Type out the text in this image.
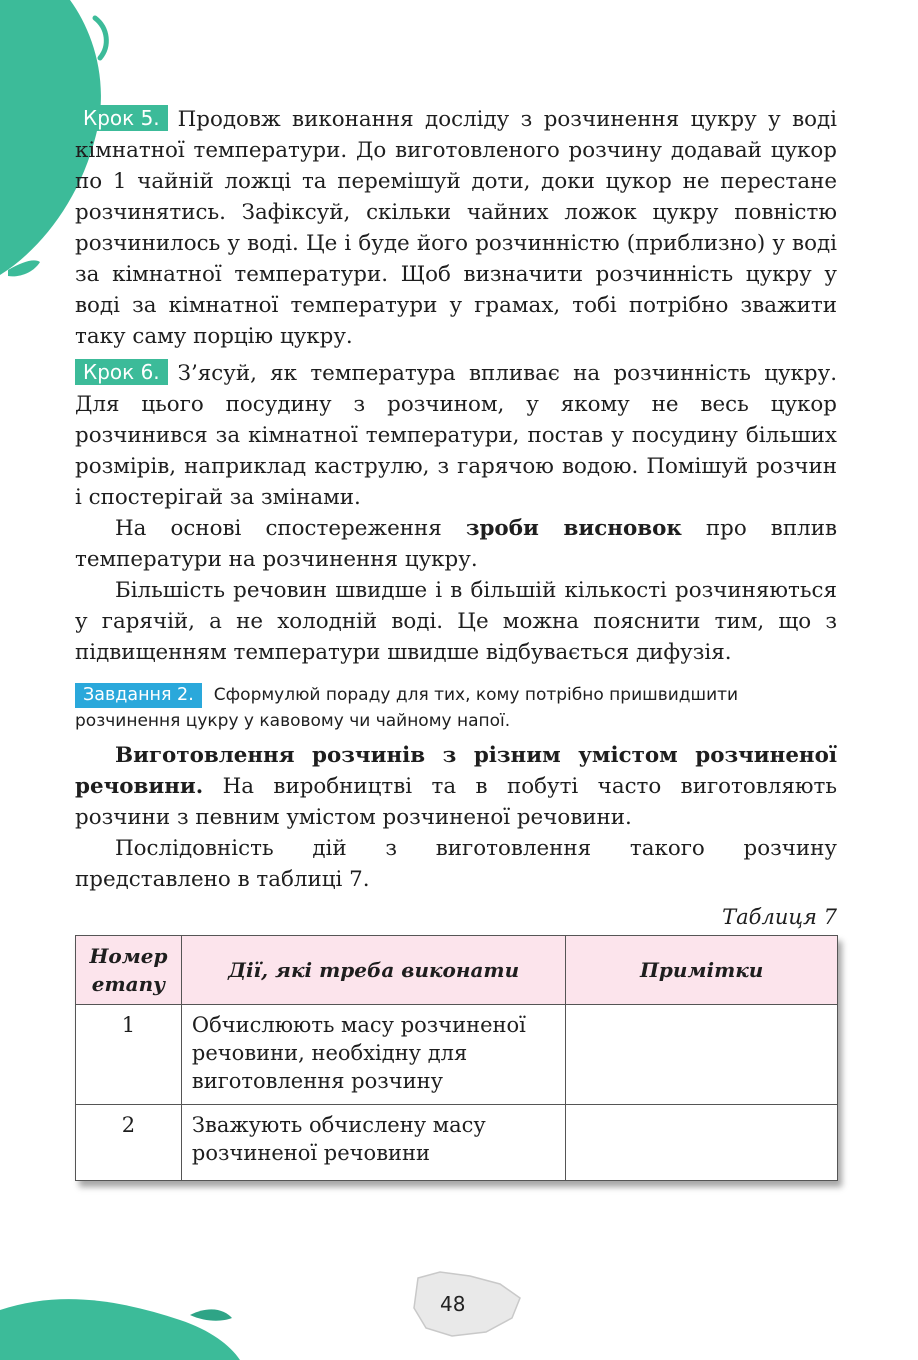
Крок 5. Продовж виконання досліду з розчинення цукру у воді кімнатної температури. До виготовленого розчину додавай цукор по 1 чайній ложці та перемішуй доти, доки цукор не перестане розчинятись. Зафіксуй, скільки чайних ложок цукру повністю розчинилось у воді. Це і буде його розчинністю (приблизно) у воді за кімнатної температури. Щоб визначити розчинність цукру у воді за кімнатної температури у грамах, тобі потрібно зважити таку саму порцію цукру.

Крок 6. З’ясуй, як температура впливає на розчинність цукру. Для цього посудину з розчином, у якому не весь цукор розчинився за кімнатної температури, постав у посудину більших розмірів, наприклад каструлю, з гарячою водою. Помішуй розчин і спостерігай за змінами.

На основі спостереження зроби висновок про вплив температури на розчинення цукру.

Більшість речовин швидше і в більшій кількості розчиняються у гарячій, а не холодній воді. Це можна пояснити тим, що з підвищенням температури швидше відбувається дифузія.

Завдання 2. Сформулюй пораду для тих, кому потрібно пришвидшити розчинення цукру у кавовому чи чайному напої.

Виготовлення розчинів з різним умістом розчиненої речовини. На виробництві та в побуті часто виготовляють розчини з певним умістом розчиненої речовини.

Послідовність дій з виготовлення такого розчину представлено в таблиці 7.

Таблиця 7
Номер етапу	Дії, які треба виконати	Примітки
1	Обчислюють масу розчиненої речовини, необхідну для виготовлення розчину	
2	Зважують обчислену масу розчиненої речовини	
48
